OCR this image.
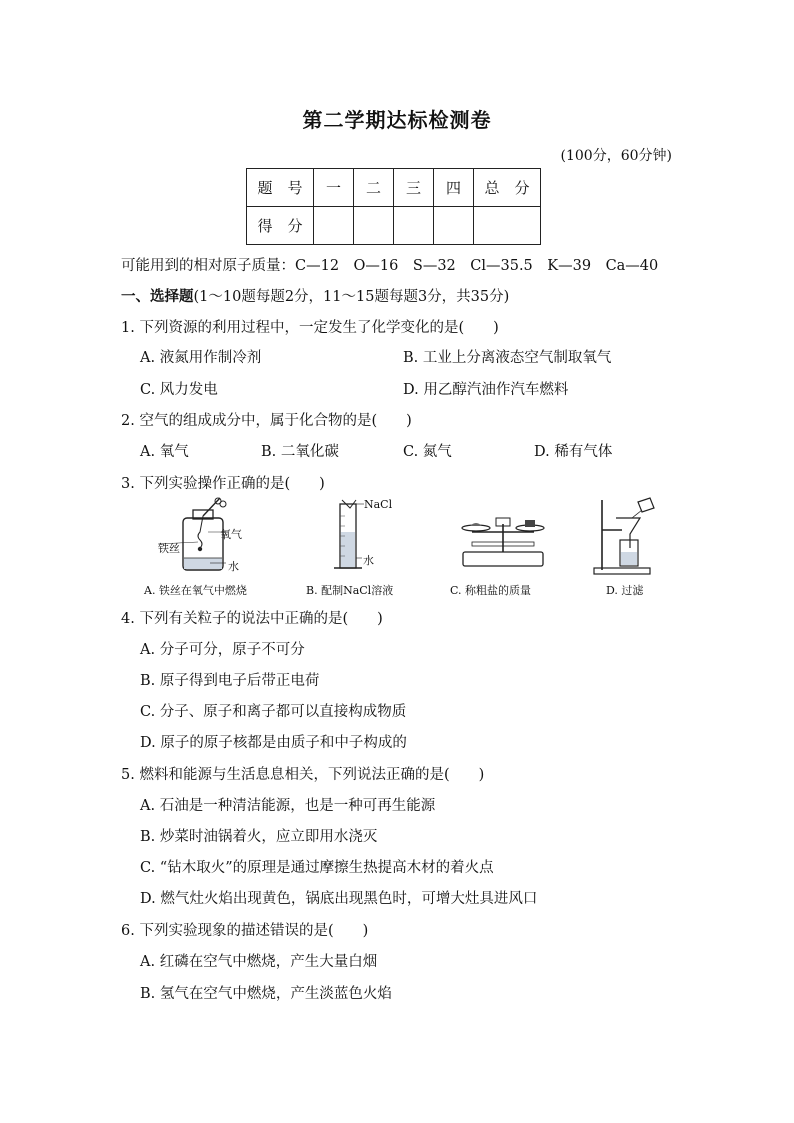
第二学期达标检测卷
(100分，60分钟)
题　号	一	二	三	四	总　分
得　分					
可能用到的相对原子质量：C—12　O—16　S—32　Cl—35.5　K—39　Ca—40
一、选择题(1～10题每题2分，11～15题每题3分，共35分)
1. 下列资源的利用过程中，一定发生了化学变化的是(　　)
A. 液氮用作制冷剂	B. 工业上分离液态空气制取氧气
C. 风力发电	D. 用乙醇汽油作汽车燃料
2. 空气的组成成分中，属于化合物的是(　　)
A. 氧气	B. 二氧化碳	C. 氮气	D. 稀有气体
3. 下列实验操作正确的是(　　)
氧气
铁丝
水
A. 铁丝在氧气中燃烧
NaCl
水
B. 配制NaCl溶液	C. 称粗盐的质量	D. 过滤
4. 下列有关粒子的说法中正确的是(　　)
A. 分子可分，原子不可分
B. 原子得到电子后带正电荷
C. 分子、原子和离子都可以直接构成物质
D. 原子的原子核都是由质子和中子构成的
5. 燃料和能源与生活息息相关，下列说法正确的是(　　)
A. 石油是一种清洁能源，也是一种可再生能源
B. 炒菜时油锅着火，应立即用水浇灭
C. “钻木取火”的原理是通过摩擦生热提高木材的着火点
D. 燃气灶火焰出现黄色，锅底出现黑色时，可增大灶具进风口
6. 下列实验现象的描述错误的是(　　)
A. 红磷在空气中燃烧，产生大量白烟
B. 氢气在空气中燃烧，产生淡蓝色火焰
